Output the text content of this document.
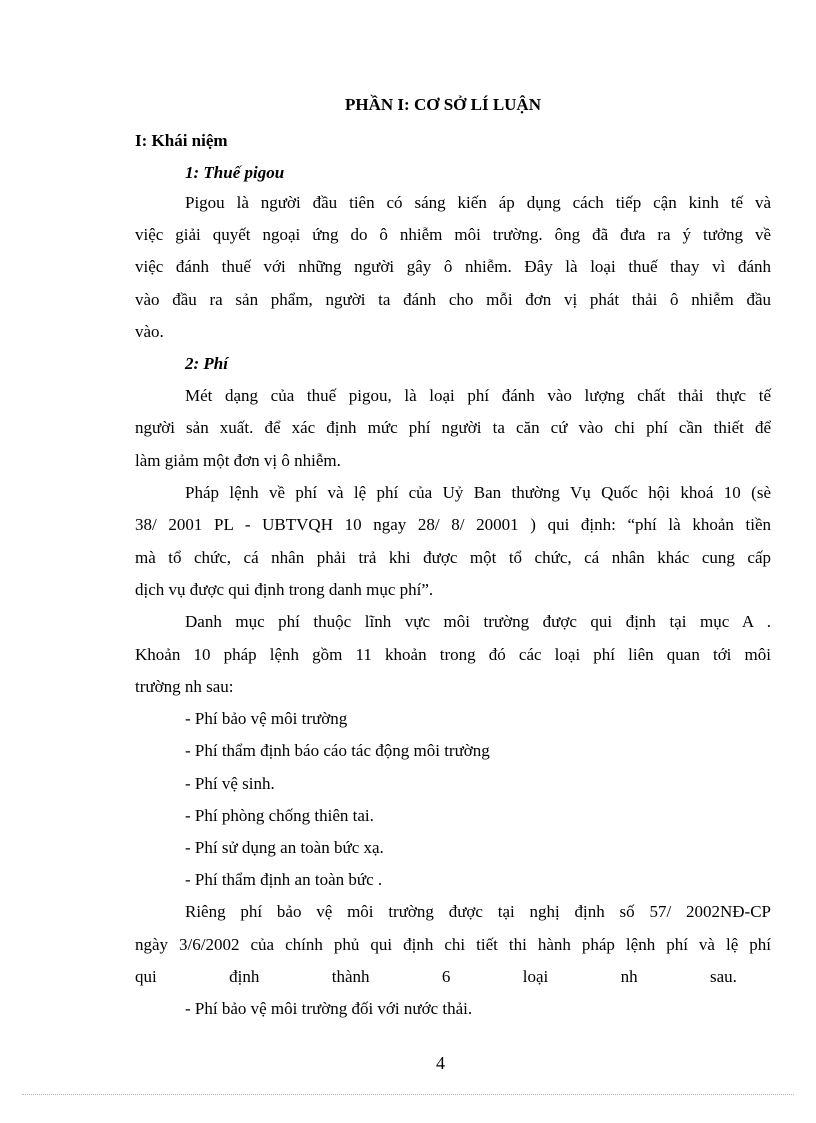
PHẦN I: CƠ SỞ LÍ LUẬN
I: Khái niệm
1: Thuế pigou
Pigou là người đầu tiên có sáng kiến áp dụng cách tiếp cận kinh tế và
việc giải quyết ngoại ứng do ô nhiễm môi trường. ông đã đưa ra ý tưởng về
việc đánh thuế với những người gây ô nhiễm. Đây là loại thuế thay vì đánh
vào đầu ra sản phẩm, người ta đánh cho mỗi đơn vị phát thải ô nhiễm đầu
vào.
2: Phí
Mét dạng của thuế pigou, là loại phí đánh vào lượng chất thải thực tế
người sản xuất. để xác định mức phí người ta căn cứ vào chi phí cần thiết để
làm giảm một đơn vị ô nhiễm.
Pháp lệnh về phí và lệ phí của Uỷ Ban thường Vụ Quốc hội khoá 10 (sè
38/ 2001 PL - UBTVQH 10 ngay 28/ 8/ 20001 ) qui định: “phí là khoản tiền
mà tổ chức, cá nhân phải trả khi được một tổ chức, cá nhân khác cung cấp
dịch vụ được qui định trong danh mục phí”.
Danh mục phí thuộc lĩnh vực môi trường được qui định tại mục A .
Khoản 10 pháp lệnh gồm 11 khoản trong đó các loại phí liên quan tới môi
trường nh sau:
- Phí bảo vệ môi trường
- Phí thẩm định báo cáo tác động môi trường
- Phí vệ sinh.
- Phí phòng chống thiên tai.
- Phí sử dụng an toàn bức xạ.
- Phí thẩm định an toàn bức .
Riêng phí bảo vệ môi trường được tại nghị định số 57/ 2002NĐ-CP
ngày 3/6/2002 của chính phủ qui định chi tiết thi hành pháp lệnh phí và lệ phí
qui	định	thành	6	loại	nh	sau.
- Phí bảo vệ môi trường đối với nước thải.
4
